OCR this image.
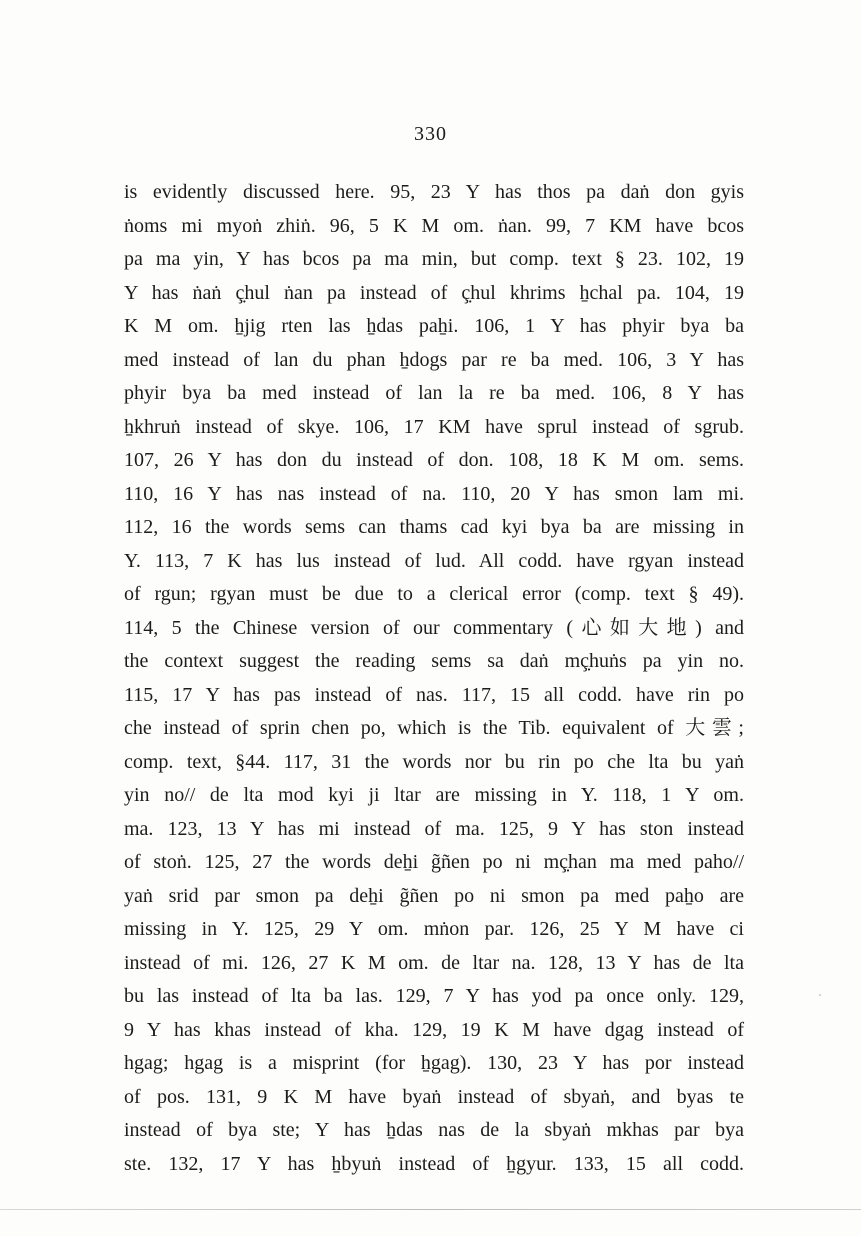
330
is evidently discussed here. 95, 23 Y has thos pa daṅ don gyis
ṅoms mi myoṅ zhiṅ. 96, 5 K M om. ṅan. 99, 7 KM have bcos
pa ma yin, Y has bcos pa ma min, but comp. text § 23. 102, 19
Y has ṅaṅ ç̣hul ṅan pa instead of ç̣hul khrims ẖchal pa. 104, 19
K M om. ẖjig rten las ẖdas paẖi. 106, 1 Y has phyir bya ba
med instead of lan du phan ẖdogs par re ba med. 106, 3 Y has
phyir bya ba med instead of lan la re ba med. 106, 8 Y has
ẖkhruṅ instead of skye. 106, 17 KM have sprul instead of sgrub.
107, 26 Y has don du instead of don. 108, 18 K M om. sems.
110, 16 Y has nas instead of na. 110, 20 Y has smon lam mi.
112, 16 the words sems can thams cad kyi bya ba are missing in
Y. 113, 7 K has lus instead of lud. All codd. have rgyan instead
of rgun; rgyan must be due to a clerical error (comp. text § 49).
114, 5 the Chinese version of our commentary (心如大地) and
the context suggest the reading sems sa daṅ mç̣huṅs pa yin no.
115, 17 Y has pas instead of nas. 117, 15 all codd. have rin po
che instead of sprin chen po, which is the Tib. equivalent of 大雲;
comp. text, §44. 117, 31 the words nor bu rin po che lta bu yaṅ
yin no// de lta mod kyi ji ltar are missing in Y. 118, 1 Y om.
ma. 123, 13 Y has mi instead of ma. 125, 9 Y has ston instead
of stoṅ. 125, 27 the words deẖi g̃ñen po ni mç̣han ma med paho//
yaṅ srid par smon pa deẖi g̃ñen po ni smon pa med paẖo are
missing in Y. 125, 29 Y om. mṅon par. 126, 25 Y M have ci
instead of mi. 126, 27 K M om. de ltar na. 128, 13 Y has de lta
bu las instead of lta ba las. 129, 7 Y has yod pa once only. 129,
9 Y has khas instead of kha. 129, 19 K M have dgag instead of
hgag; hgag is a misprint (for ẖgag). 130, 23 Y has por instead
of pos. 131, 9 K M have byaṅ instead of sbyaṅ, and byas te
instead of bya ste; Y has ẖdas nas de la sbyaṅ mkhas par bya
ste. 132, 17 Y has ẖbyuṅ instead of ẖgyur. 133, 15 all codd.
